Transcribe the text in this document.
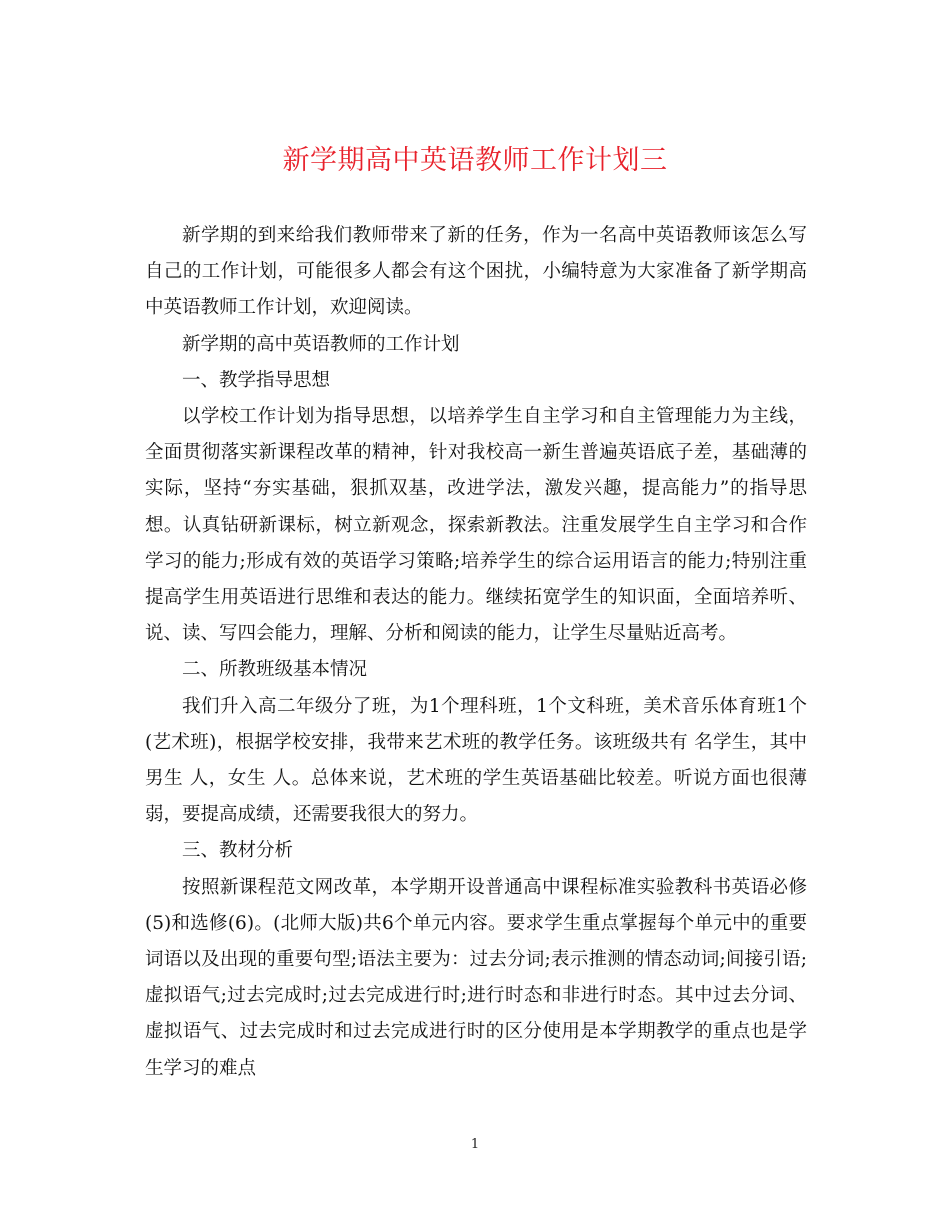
新学期高中英语教师工作计划三

新学期的到来给我们教师带来了新的任务，作为一名高中英语教师该怎么写自己的工作计划，可能很多人都会有这个困扰，小编特意为大家准备了新学期高中英语教师工作计划，欢迎阅读。

新学期的高中英语教师的工作计划

一、教学指导思想

以学校工作计划为指导思想，以培养学生自主学习和自主管理能力为主线，全面贯彻落实新课程改革的精神，针对我校高一新生普遍英语底子差，基础薄的实际，坚持“夯实基础，狠抓双基，改进学法，激发兴趣，提高能力”的指导思想。认真钻研新课标，树立新观念，探索新教法。注重发展学生自主学习和合作学习的能力;形成有效的英语学习策略;培养学生的综合运用语言的能力;特别注重提高学生用英语进行思维和表达的能力。继续拓宽学生的知识面，全面培养听、说、读、写四会能力，理解、分析和阅读的能力，让学生尽量贴近高考。

二、所教班级基本情况

我们升入高二年级分了班，为1个理科班，1个文科班，美术音乐体育班1个(艺术班)，根据学校安排，我带来艺术班的教学任务。该班级共有 名学生，其中男生 人，女生 人。总体来说，艺术班的学生英语基础比较差。听说方面也很薄弱，要提高成绩，还需要我很大的努力。

三、教材分析

按照新课程范文网改革，本学期开设普通高中课程标准实验教科书英语必修(5)和选修(6)。(北师大版)共6个单元内容。要求学生重点掌握每个单元中的重要词语以及出现的重要句型;语法主要为：过去分词;表示推测的情态动词;间接引语;虚拟语气;过去完成时;过去完成进行时;进行时态和非进行时态。其中过去分词、虚拟语气、过去完成时和过去完成进行时的区分使用是本学期教学的重点也是学生学习的难点

1
